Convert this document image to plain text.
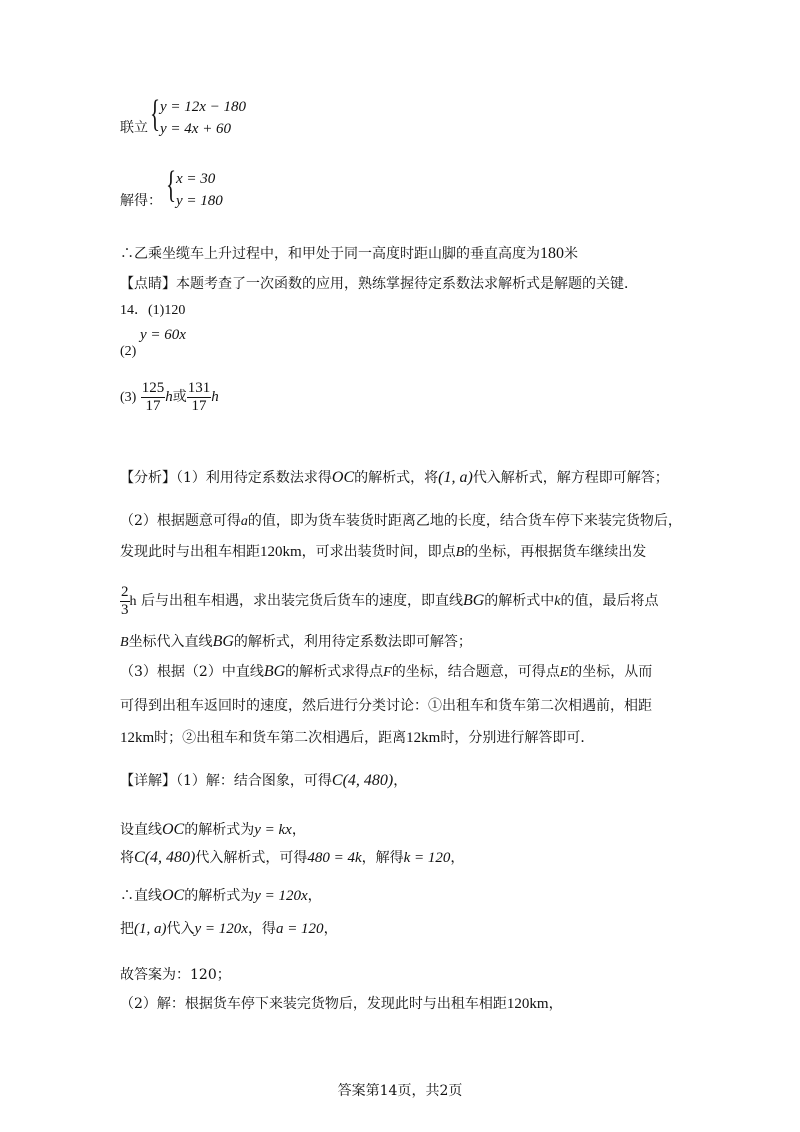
联立 { y = 12x − 180
y = 4x + 60
解得： { x = 30
y = 180
∴乙乘坐缆车上升过程中，和甲处于同一高度时距山脚的垂直高度为180米
【点睛】本题考查了一次函数的应用，熟练掌握待定系数法求解析式是解题的关键．
14．(1)120
(2)
y = 60x
$(3) \frac{125}{17}$ h或 $\frac{131}{17}$ h
【分析】（1）利用待定系数法求得OC的解析式，将(1, a)代入解析式，解方程即可解答；
（2）根据题意可得a的值，即为货车装货时距离乙地的长度，结合货车停下来装完货物后，
发现此时与出租车相距120km，可求出装货时间，即点B的坐标，再根据货车继续出发
$\frac{2}{3}$ h 后与出租车相遇，求出装完货后货车的速度，即直线BG的解析式中k的值，最后将点
B坐标代入直线BG的解析式，利用待定系数法即可解答；
（3）根据（2）中直线BG的解析式求得点F的坐标，结合题意，可得点E的坐标，从而
可得到出租车返回时的速度，然后进行分类讨论：①出租车和货车第二次相遇前，相距
12km时；②出租车和货车第二次相遇后，距离12km时，分别进行解答即可．
【详解】（1）解：结合图象，可得C(4, 480)，
设直线OC的解析式为y = kx，
将C(4, 480)代入解析式，可得480 = 4k，解得k = 120，
∴直线OC的解析式为y = 120x，
把(1, a)代入y = 120x，得a = 120，
故答案为：120；
（2）解：根据货车停下来装完货物后，发现此时与出租车相距120km，
答案第14页，共2页
